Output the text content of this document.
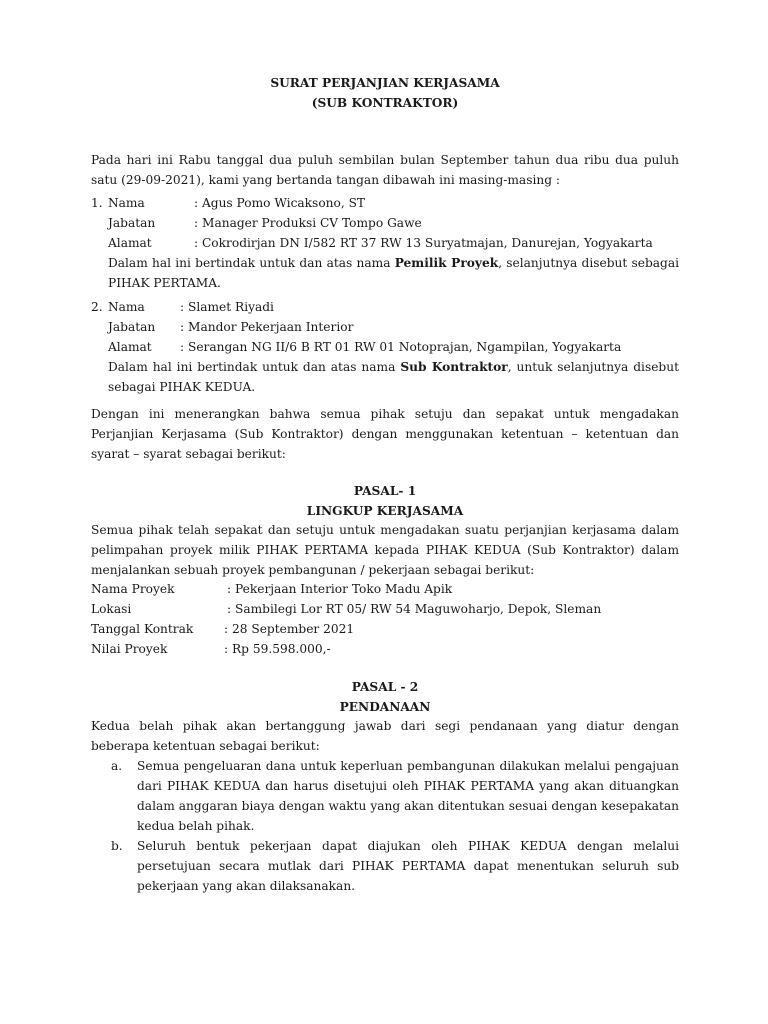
SURAT PERJANJIAN KERJASAMA
(SUB KONTRAKTOR)
Pada hari ini Rabu tanggal dua puluh sembilan bulan September tahun dua ribu dua puluh satu (29-09-2021), kami yang bertanda tangan dibawah ini masing-masing :
1. Nama	: Agus Pomo Wicaksono, ST
Jabatan	: Manager Produksi CV Tompo Gawe
Alamat	: Cokrodirjan DN I/582 RT 37 RW 13 Suryatmajan, Danurejan, Yogyakarta
Dalam hal ini bertindak untuk dan atas nama Pemilik Proyek, selanjutnya disebut sebagai PIHAK PERTAMA.
2. Nama	: Slamet Riyadi
Jabatan : Mandor Pekerjaan Interior
Alamat : Serangan NG II/6 B RT 01 RW 01 Notoprajan, Ngampilan, Yogyakarta
Dalam hal ini bertindak untuk dan atas nama Sub Kontraktor, untuk selanjutnya disebut sebagai PIHAK KEDUA.
Dengan ini menerangkan bahwa semua pihak setuju dan sepakat untuk mengadakan Perjanjian Kerjasama (Sub Kontraktor) dengan menggunakan ketentuan – ketentuan dan syarat – syarat sebagai berikut:
PASAL- 1
LINGKUP KERJASAMA
Semua pihak telah sepakat dan setuju untuk mengadakan suatu perjanjian kerjasama dalam pelimpahan proyek milik PIHAK PERTAMA kepada PIHAK KEDUA (Sub Kontraktor) dalam menjalankan sebuah proyek pembangunan / pekerjaan sebagai berikut:
Nama Proyek	: Pekerjaan Interior Toko Madu Apik
Lokasi	: Sambilegi Lor RT 05/ RW 54 Maguwoharjo, Depok, Sleman
Tanggal Kontrak	: 28 September 2021
Nilai Proyek	: Rp 59.598.000,-
PASAL - 2
PENDANAAN
Kedua belah pihak akan bertanggung jawab dari segi pendanaan yang diatur dengan beberapa ketentuan sebagai berikut:
a. Semua pengeluaran dana untuk keperluan pembangunan dilakukan melalui pengajuan dari PIHAK KEDUA dan harus disetujui oleh PIHAK PERTAMA yang akan dituangkan dalam anggaran biaya dengan waktu yang akan ditentukan sesuai dengan kesepakatan kedua belah pihak.
b. Seluruh bentuk pekerjaan dapat diajukan oleh PIHAK KEDUA dengan melalui persetujuan secara mutlak dari PIHAK PERTAMA dapat menentukan seluruh sub pekerjaan yang akan dilaksanakan.
